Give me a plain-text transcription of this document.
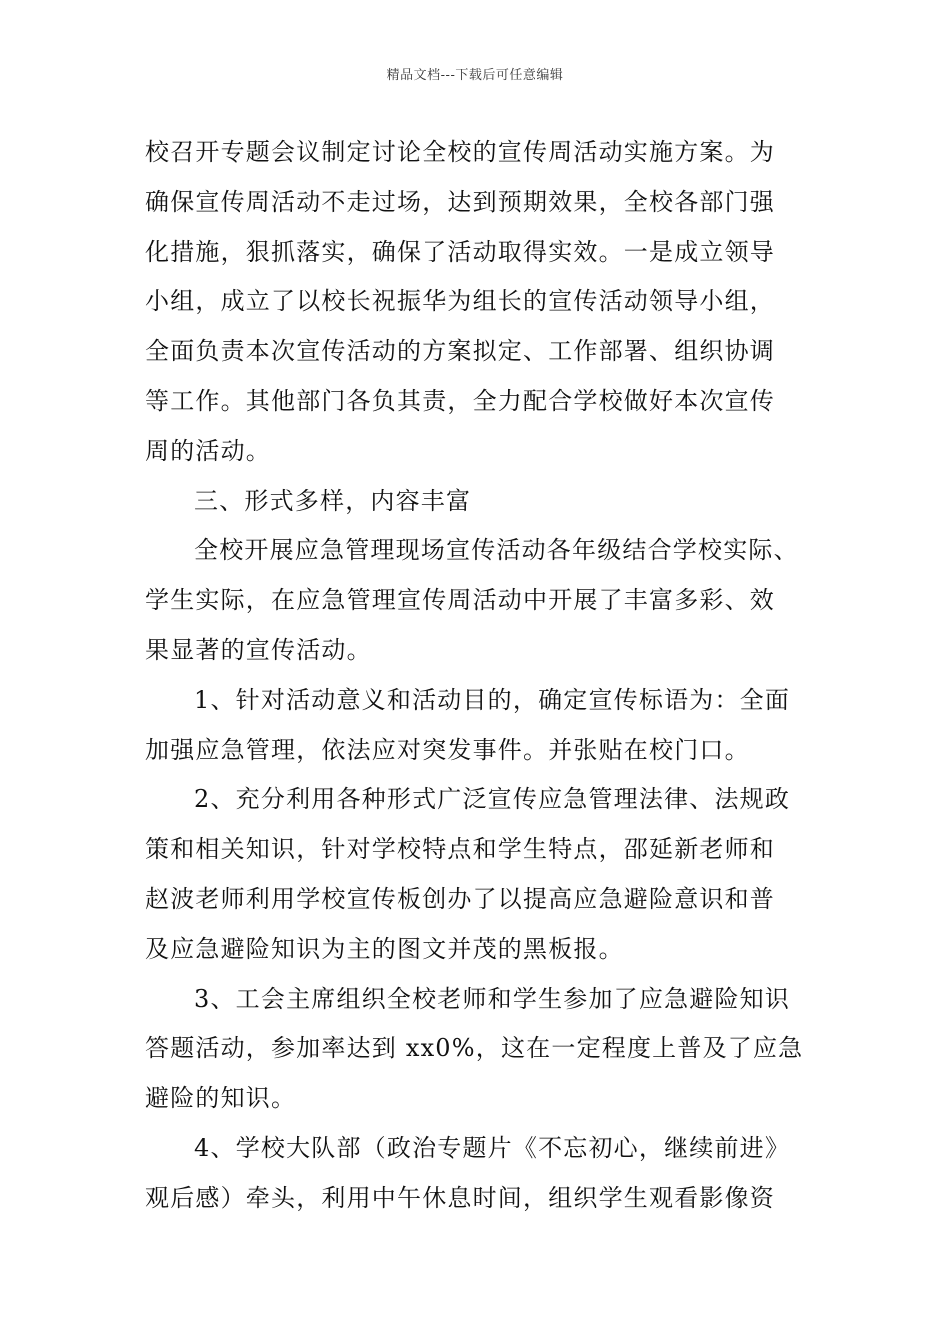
精品文档---下载后可任意编辑
校召开专题会议制定讨论全校的宣传周活动实施方案。为
确保宣传周活动不走过场，达到预期效果，全校各部门强
化措施，狠抓落实，确保了活动取得实效。一是成立领导
小组，成立了以校长祝振华为组长的宣传活动领导小组，
全面负责本次宣传活动的方案拟定、工作部署、组织协调
等工作。其他部门各负其责，全力配合学校做好本次宣传
周的活动。
三、形式多样，内容丰富
全校开展应急管理现场宣传活动各年级结合学校实际、
学生实际，在应急管理宣传周活动中开展了丰富多彩、效
果显著的宣传活动。
1、针对活动意义和活动目的，确定宣传标语为：全面
加强应急管理，依法应对突发事件。并张贴在校门口。
2、充分利用各种形式广泛宣传应急管理法律、法规政
策和相关知识，针对学校特点和学生特点，邵延新老师和
赵波老师利用学校宣传板创办了以提高应急避险意识和普
及应急避险知识为主的图文并茂的黑板报。
3、工会主席组织全校老师和学生参加了应急避险知识
答题活动，参加率达到 xx0%，这在一定程度上普及了应急
避险的知识。
4、学校大队部（政治专题片《不忘初心，继续前进》
观后感）牵头，利用中午休息时间，组织学生观看影像资
